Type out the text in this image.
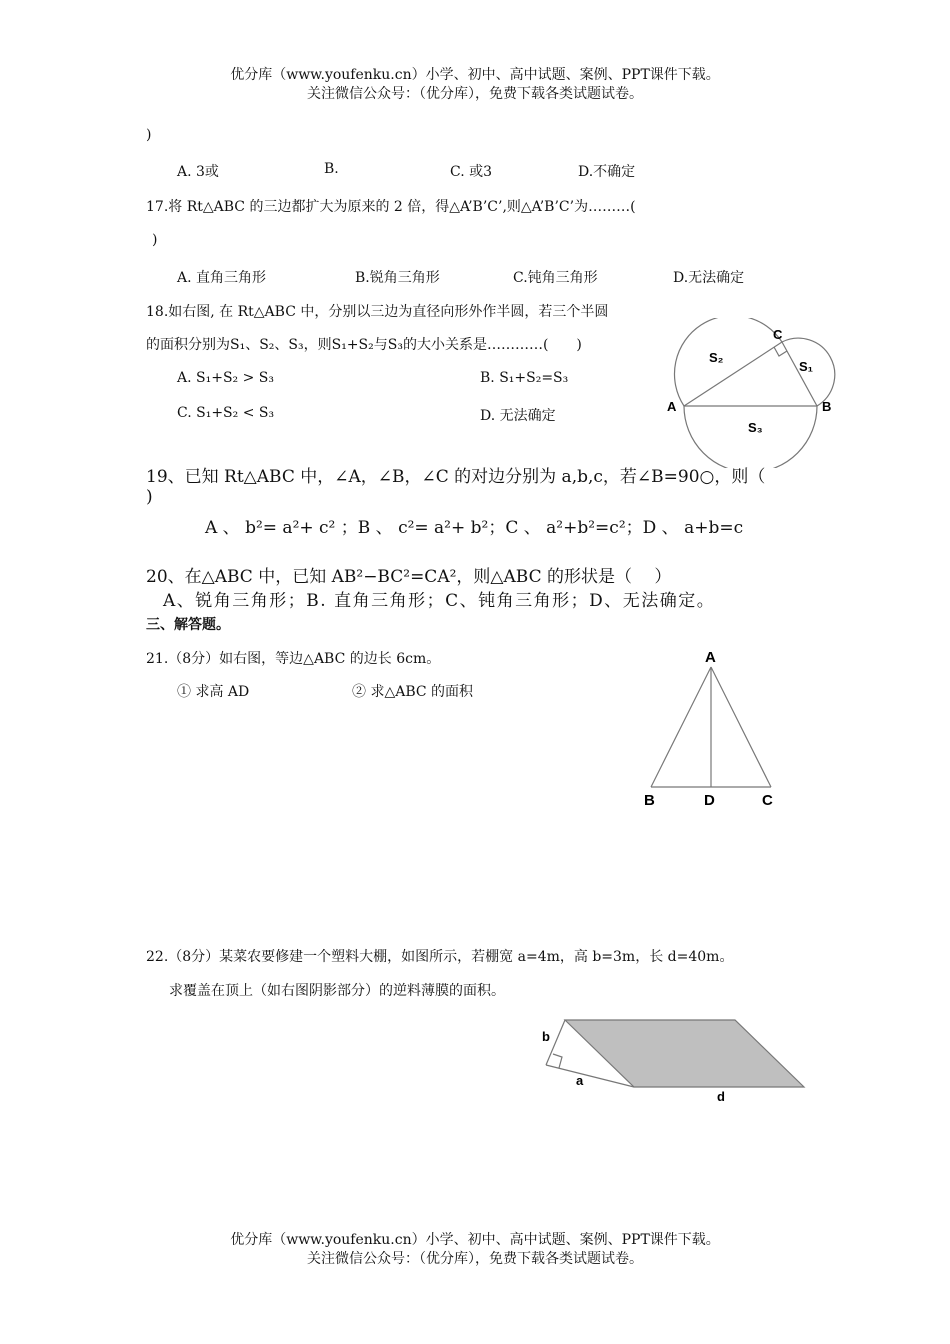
优分库（www.youfenku.cn）小学、初中、高中试题、案例、PPT课件下载。
关注微信公众号：（优分库），免费下载各类试题试卷。
)
A. 3或	B.	C. 或3	D.不确定
17.将 Rt△ABC 的三边都扩大为原来的 2 倍，得△A’B’C’,则△A’B’C’为………(
)
A. 直角三角形	B.锐角三角形	C.钝角三角形	D.无法确定
18.如右图, 在 Rt△ABC 中，分别以三边为直径向形外作半圆，若三个半圆
的面积分别为S₁、S₂、S₃，则S₁+S₂与S₃的大小关系是…………(　　)
A. S₁+S₂ > S₃	B. S₁+S₂=S₃
C. S₁+S₂ < S₃	D. 无法确定
A	B
C
S₂
S₁
S₃
19、已知 Rt△ABC 中，∠A，∠B，∠C 的对边分别为 a,b,c，若∠B=90○，则（
)
A 、 b²= a²+ c² ；B 、 c²= a²+ b²；C 、 a²+b²=c²；D 、 a+b=c
20、在△ABC 中，已知 AB²−BC²=CA²，则△ABC 的形状是（　 ）
A、锐角三角形；B. 直角三角形；C、钝角三角形；D、无法确定。
三、解答题。
21.（8分）如右图，等边△ABC 的边长 6cm。
① 求高 AD	② 求△ABC 的面积
A
B	D	C
22.（8分）某菜农要修建一个塑料大棚，如图所示，若棚宽 a=4m，高 b=3m，长 d=40m。
求覆盖在顶上（如右图阴影部分）的逆料薄膜的面积。
b
a
d
优分库（www.youfenku.cn）小学、初中、高中试题、案例、PPT课件下载。
关注微信公众号：（优分库），免费下载各类试题试卷。
